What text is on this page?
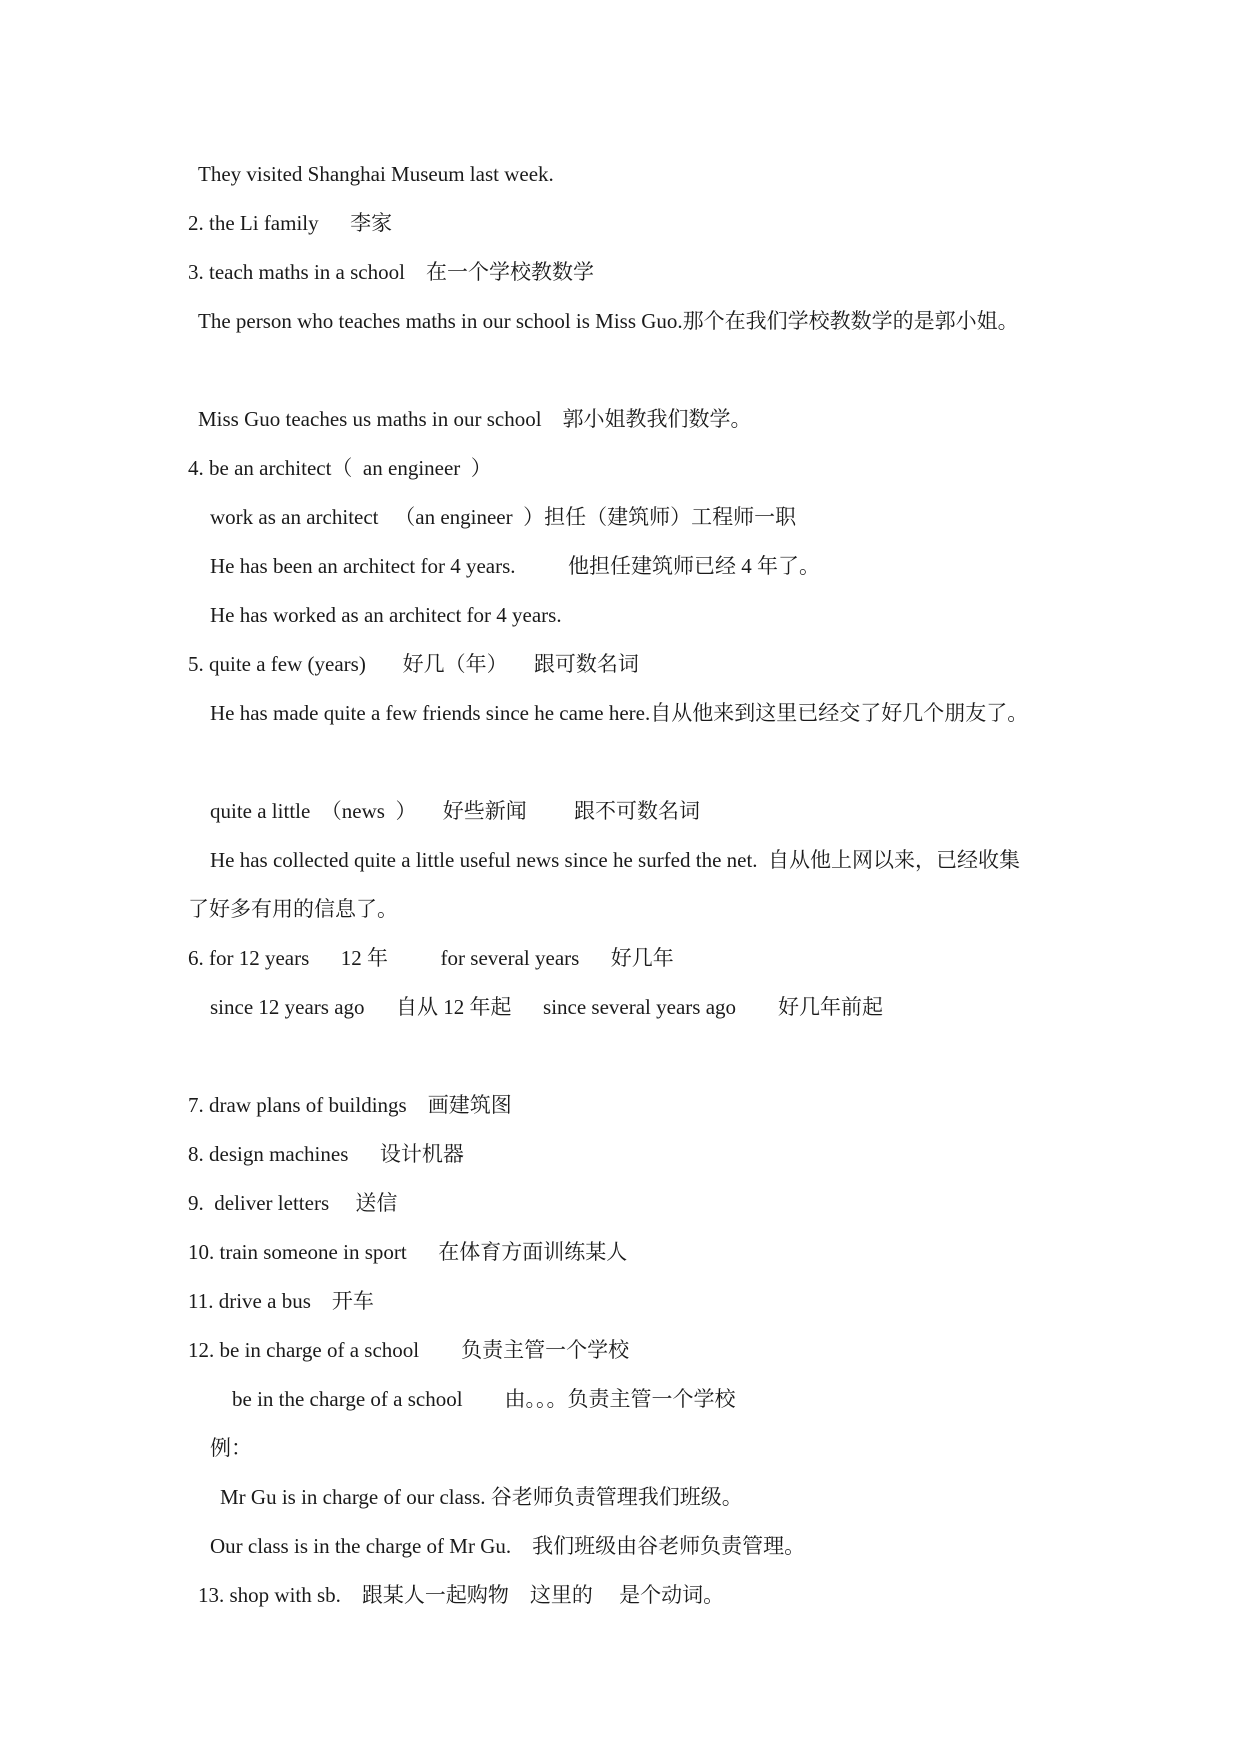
They visited Shanghai Museum last week.
2. the Li family      李家
3. teach maths in a school    在一个学校教数学
The person who teaches maths in our school is Miss Guo.那个在我们学校教数学的是郭小姐。
Miss Guo teaches us maths in our school    郭小姐教我们数学。
4. be an architect（  an engineer  ）
work as an architect   （an engineer  ）担任（建筑师）工程师一职
He has been an architect for 4 years.          他担任建筑师已经 4 年了。
He has worked as an architect for 4 years.
5. quite a few (years)       好几（年）     跟可数名词
He has made quite a few friends since he came here.自从他来到这里已经交了好几个朋友了。
quite a little  （news  ）     好些新闻         跟不可数名词
He has collected quite a little useful news since he surfed the net.  自从他上网以来，已经收集
了好多有用的信息了。
6. for 12 years      12 年          for several years      好几年
since 12 years ago      自从 12 年起      since several years ago        好几年前起
7. draw plans of buildings    画建筑图
8. design machines      设计机器
9.  deliver letters     送信
10. train someone in sport      在体育方面训练某人
11. drive a bus    开车
12. be in charge of a school        负责主管一个学校
be in the charge of a school        由。。。负责主管一个学校
例：
Mr Gu is in charge of our class. 谷老师负责管理我们班级。
Our class is in the charge of Mr Gu.    我们班级由谷老师负责管理。
13. shop with sb.    跟某人一起购物    这里的     是个动词。
